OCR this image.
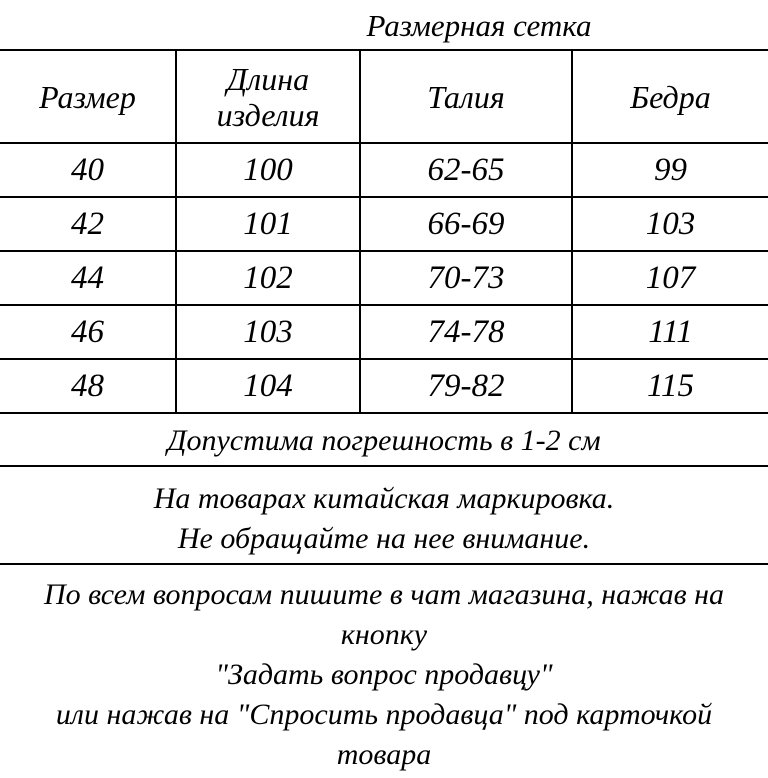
Размерная сетка
Размер	Длина изделия	Талия	Бедра
40	100	62-65	99
42	101	66-69	103
44	102	70-73	107
46	103	74-78	111
48	104	79-82	115
Допустима погрешность в 1-2 см
На товарах китайская маркировка.
Не обращайте на нее внимание.
По всем вопросам пишите в чат магазина, нажав на
кнопку
"Задать вопрос продавцу"
или нажав на "Спросить продавца" под карточкой
товара
